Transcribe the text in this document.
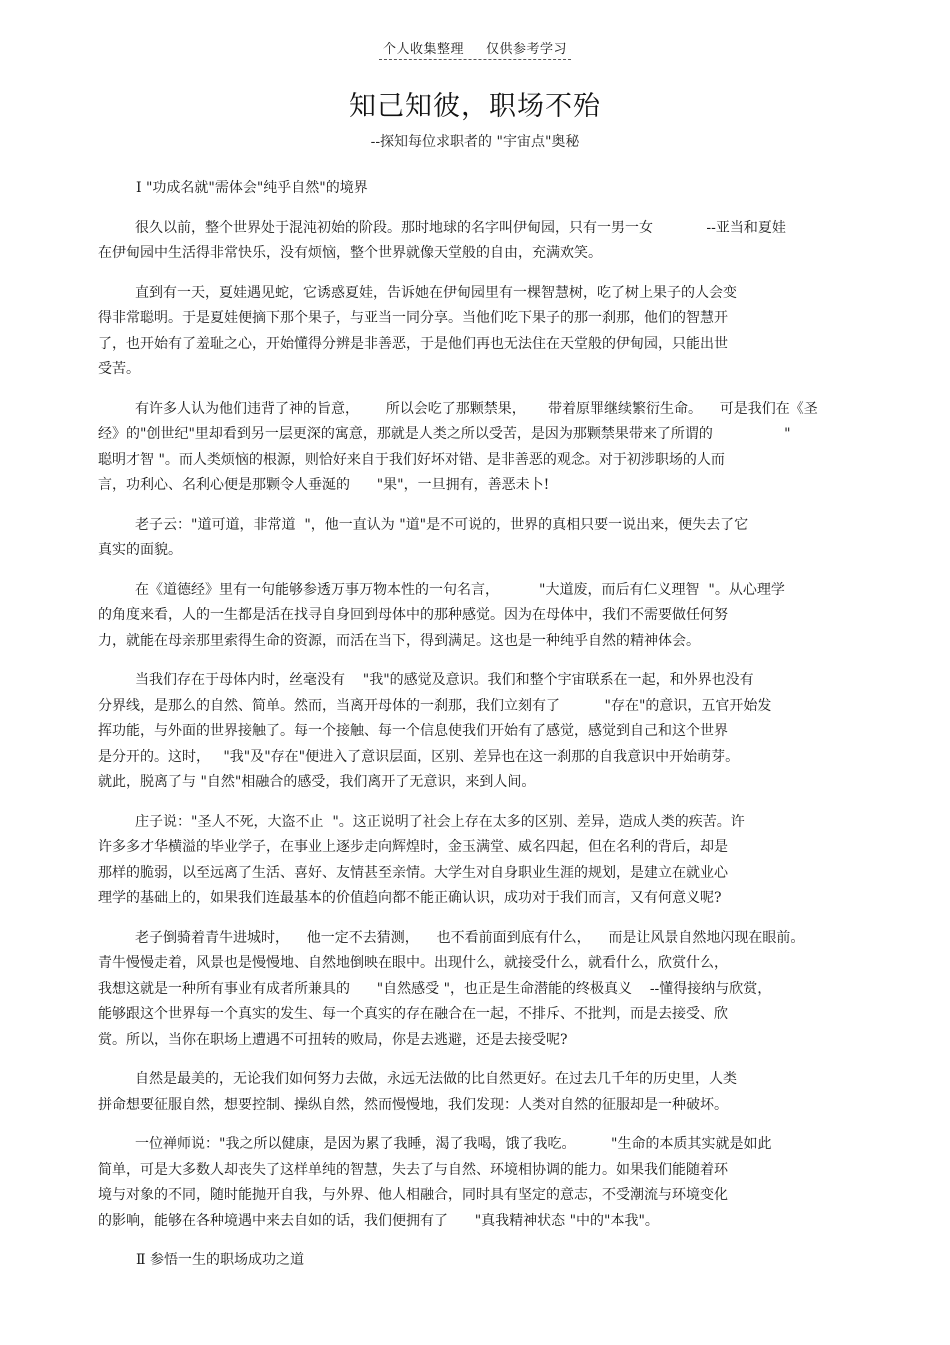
个人收集整理 仅供参考学习
知己知彼，职场不殆
--探知每位求职者的 "宇宙点"奥秘
Ⅰ "功成名就"需体会"纯乎自然"的境界
很久以前，整个世界处于混沌初始的阶段。那时地球的名字叫伊甸园，只有一男一女            --亚当和夏娃
在伊甸园中生活得非常快乐，没有烦恼，整个世界就像天堂般的自由，充满欢笑。
直到有一天，夏娃遇见蛇，它诱惑夏娃，告诉她在伊甸园里有一棵智慧树，吃了树上果子的人会变
得非常聪明。于是夏娃便摘下那个果子，与亚当一同分享。当他们吃下果子的那一刹那，他们的智慧开
了，也开始有了羞耻之心，开始懂得分辨是非善恶，于是他们再也无法住在天堂般的伊甸园，只能出世
受苦。
有许多人认为他们违背了神的旨意，      所以会吃了那颗禁果，     带着原罪继续繁衍生命。    可是我们在《圣
经》的"创世纪"里却看到另一层更深的寓意，那就是人类之所以受苦，是因为那颗禁果带来了所谓的                "
聪明才智 "。而人类烦恼的根源，则恰好来自于我们好坏对错、是非善恶的观念。对于初涉职场的人而
言，功利心、名利心便是那颗令人垂涎的      "果"，一旦拥有，善恶未卜!
老子云："道可道，非常道  "，他一直认为 "道"是不可说的，世界的真相只要一说出来，便失去了它
真实的面貌。
在《道德经》里有一句能够参透万事万物本性的一句名言，         "大道废，而后有仁义理智  "。从心理学
的角度来看，人的一生都是活在找寻自身回到母体中的那种感觉。因为在母体中，我们不需要做任何努
力，就能在母亲那里索得生命的资源，而活在当下，得到满足。这也是一种纯乎自然的精神体会。
当我们存在于母体内时，丝毫没有    "我"的感觉及意识。我们和整个宇宙联系在一起，和外界也没有
分界线，是那么的自然、简单。然而，当离开母体的一刹那，我们立刻有了          "存在"的意识，五官开始发
挥功能，与外面的世界接触了。每一个接触、每一个信息使我们开始有了感觉，感觉到自己和这个世界
是分开的。这时，   "我"及"存在"便进入了意识层面，区别、差异也在这一刹那的自我意识中开始萌芽。
就此，脱离了与 "自然"相融合的感受，我们离开了无意识，来到人间。
庄子说："圣人不死，大盗不止  "。这正说明了社会上存在太多的区别、差异，造成人类的疾苦。许
许多多才华横溢的毕业学子，在事业上逐步走向辉煌时，金玉满堂、威名四起，但在名利的背后，却是
那样的脆弱，以至远离了生活、喜好、友情甚至亲情。大学生对自身职业生涯的规划，是建立在就业心
理学的基础上的，如果我们连最基本的价值趋向都不能正确认识，成功对于我们而言，又有何意义呢?
老子倒骑着青牛进城时，    他一定不去猜测，    也不看前面到底有什么，    而是让风景自然地闪现在眼前。
青牛慢慢走着，风景也是慢慢地、自然地倒映在眼中。出现什么，就接受什么，就看什么，欣赏什么，
我想这就是一种所有事业有成者所兼具的      "自然感受 "，也正是生命潜能的终极真义    --懂得接纳与欣赏，
能够跟这个世界每一个真实的发生、每一个真实的存在融合在一起，不排斥、不批判，而是去接受、欣
赏。所以，当你在职场上遭遇不可扭转的败局，你是去逃避，还是去接受呢?
自然是最美的，无论我们如何努力去做，永远无法做的比自然更好。在过去几千年的历史里，人类
拼命想要征服自然，想要控制、操纵自然，然而慢慢地，我们发现：人类对自然的征服却是一种破坏。
一位禅师说："我之所以健康，是因为累了我睡，渴了我喝，饿了我吃。        "生命的本质其实就是如此
简单，可是大多数人却丧失了这样单纯的智慧，失去了与自然、环境相协调的能力。如果我们能随着环
境与对象的不同，随时能抛开自我，与外界、他人相融合，同时具有坚定的意志，不受潮流与环境变化
的影响，能够在各种境遇中来去自如的话，我们便拥有了      "真我精神状态 "中的"本我"。
Ⅱ 参悟一生的职场成功之道
